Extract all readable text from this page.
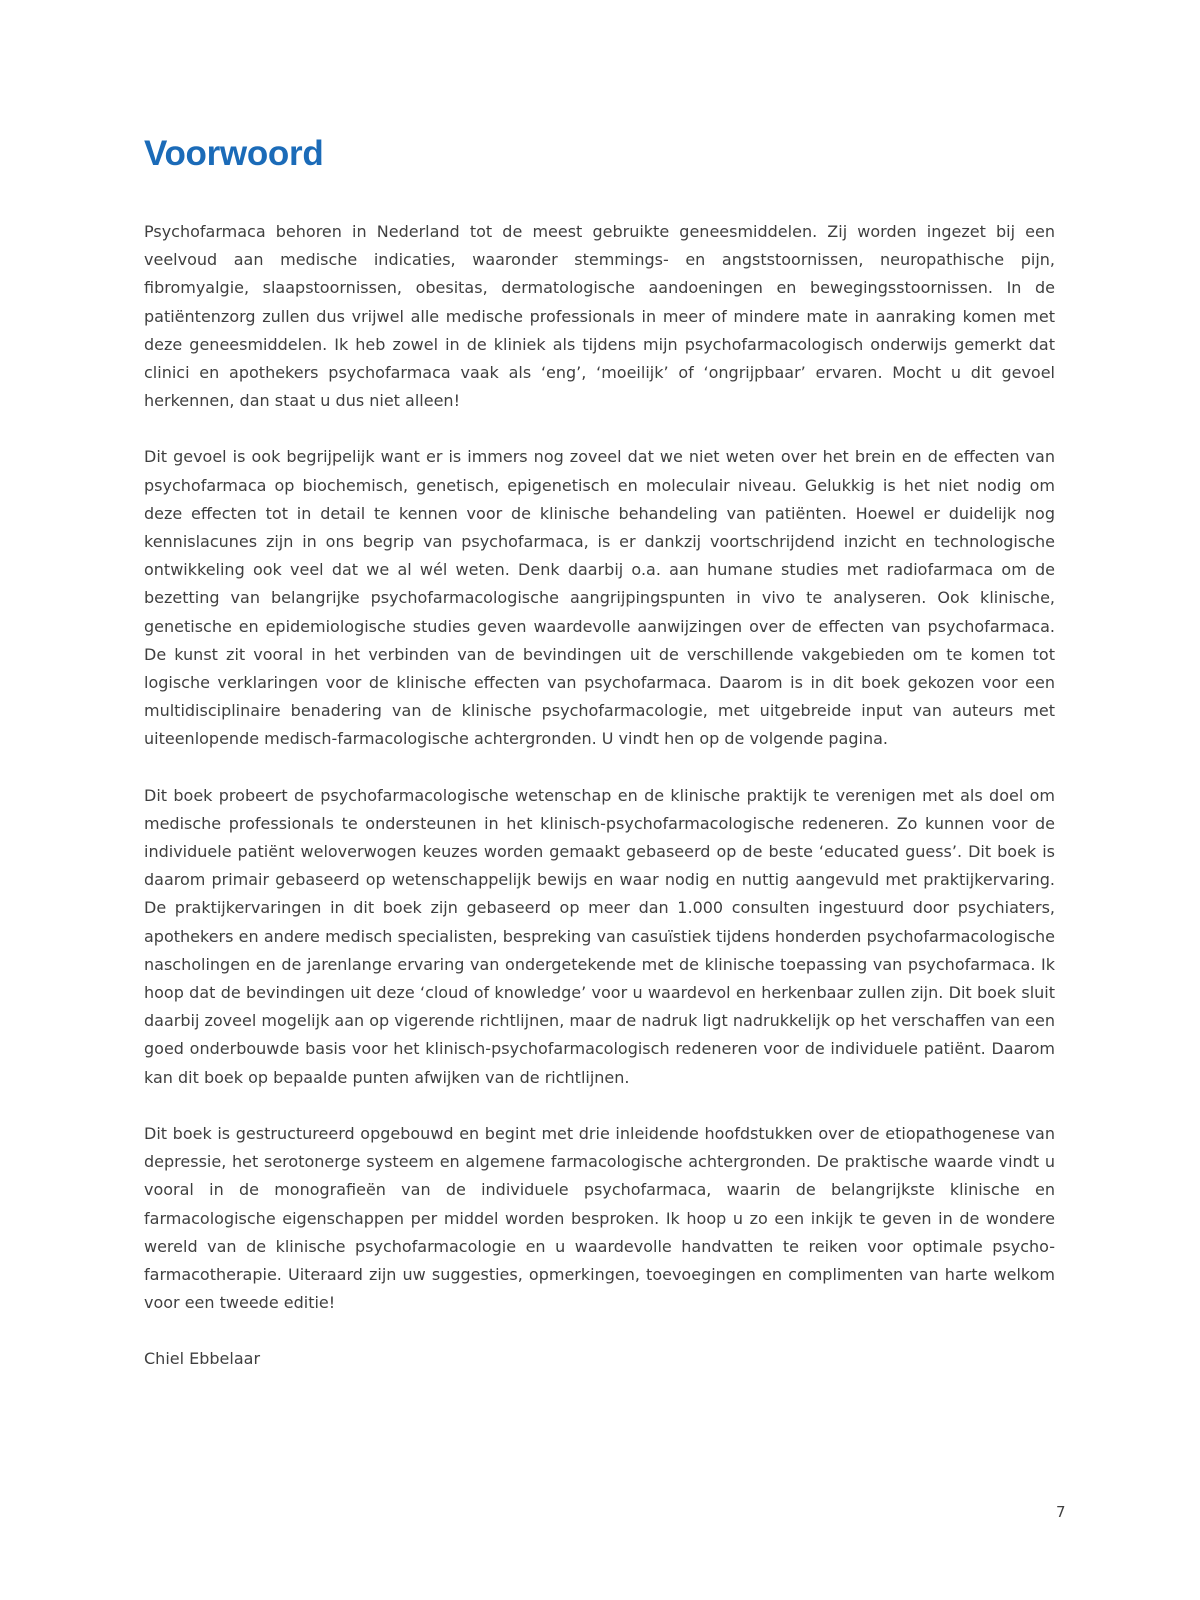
Voorwoord

Psychofarmaca behoren in Nederland tot de meest gebruikte geneesmiddelen. Zij worden ingezet bij een veelvoud aan medische indicaties, waaronder stemmings- en angststoornissen, neuropathische pijn, fibromyalgie, slaapstoornissen, obesitas, dermatologische aandoeningen en bewegingsstoornissen. In de patiëntenzorg zullen dus vrijwel alle medische professionals in meer of mindere mate in aanraking komen met deze geneesmiddelen. Ik heb zowel in de kliniek als tijdens mijn psychofarmacologisch onderwijs gemerkt dat clinici en apothekers psychofarmaca vaak als ‘eng’, ‘moeilijk’ of ‘ongrijpbaar’ ervaren. Mocht u dit gevoel herkennen, dan staat u dus niet alleen!

Dit gevoel is ook begrijpelijk want er is immers nog zoveel dat we niet weten over het brein en de effecten van psychofarmaca op biochemisch, genetisch, epigenetisch en moleculair niveau. Gelukkig is het niet nodig om deze effecten tot in detail te kennen voor de klinische behandeling van patiënten. Hoewel er duidelijk nog kennislacunes zijn in ons begrip van psychofarmaca, is er dankzij voortschrijdend inzicht en technologische ontwikkeling ook veel dat we al wél weten. Denk daarbij o.a. aan humane studies met radiofarmaca om de bezetting van belangrijke psychofarmacologische aangrijpingspunten in vivo te analyseren. Ook klinische, genetische en epidemiologische studies geven waardevolle aanwijzingen over de effecten van psychofarmaca. De kunst zit vooral in het verbinden van de bevindingen uit de verschillende vakgebieden om te komen tot logische verklaringen voor de klinische effecten van psychofarmaca. Daarom is in dit boek gekozen voor een multidisciplinaire benadering van de klinische psychofarmacologie, met uitgebreide input van auteurs met uiteenlopende medisch-farmacologische achtergronden. U vindt hen op de volgende pagina.

Dit boek probeert de psychofarmacologische wetenschap en de klinische praktijk te verenigen met als doel om medische professionals te ondersteunen in het klinisch-psychofarmacologische redeneren. Zo kunnen voor de individuele patiënt weloverwogen keuzes worden gemaakt gebaseerd op de beste ‘educated guess’. Dit boek is daarom primair gebaseerd op wetenschappelijk bewijs en waar nodig en nuttig aangevuld met praktijkervaring. De praktijkervaringen in dit boek zijn gebaseerd op meer dan 1.000 consulten ingestuurd door psychiaters, apothekers en andere medisch specialisten, bespreking van casuïstiek tijdens honderden psychofarmacologische nascholingen en de jarenlange ervaring van ondergetekende met de klinische toepassing van psychofarmaca. Ik hoop dat de bevindingen uit deze ‘cloud of knowledge’ voor u waardevol en herkenbaar zullen zijn. Dit boek sluit daarbij zoveel mogelijk aan op vigerende richtlijnen, maar de nadruk ligt nadrukkelijk op het verschaffen van een goed onderbouwde basis voor het klinisch-psychofarmacologisch redeneren voor de individuele patiënt. Daarom kan dit boek op bepaalde punten afwijken van de richtlijnen.

Dit boek is gestructureerd opgebouwd en begint met drie inleidende hoofdstukken over de etiopathogenese van depressie, het serotonerge systeem en algemene farmacologische achtergronden. De praktische waarde vindt u vooral in de monografieën van de individuele psychofarmaca, waarin de belangrijkste klinische en farmacologische eigenschappen per middel worden besproken. Ik hoop u zo een inkijk te geven in de wondere wereld van de klinische psychofarmacologie en u waardevolle handvatten te reiken voor optimale psycho-farmacotherapie. Uiteraard zijn uw suggesties, opmerkingen, toevoegingen en complimenten van harte welkom voor een tweede editie!

Chiel Ebbelaar

7
